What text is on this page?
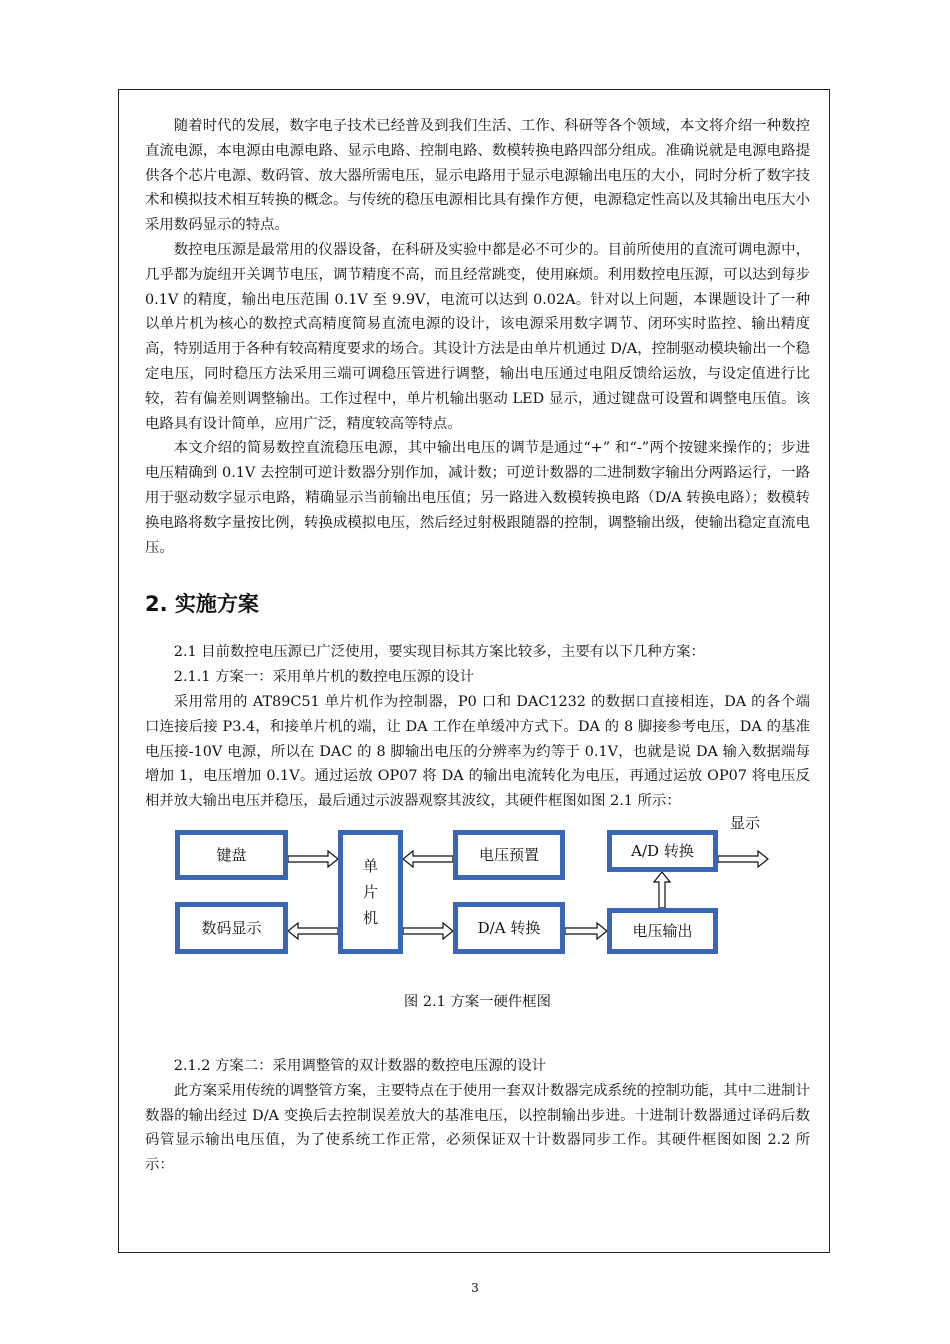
随着时代的发展，数字电子技术已经普及到我们生活、工作、科研等各个领域，本文将介绍一种数控直流电源，本电源由电源电路、显示电路、控制电路、数模转换电路四部分组成。准确说就是电源电路提供各个芯片电源、数码管、放大器所需电压，显示电路用于显示电源输出电压的大小，同时分析了数字技术和模拟技术相互转换的概念。与传统的稳压电源相比具有操作方便，电源稳定性高以及其输出电压大小采用数码显示的特点。

数控电压源是最常用的仪器设备，在科研及实验中都是必不可少的。目前所使用的直流可调电源中，几乎都为旋纽开关调节电压，调节精度不高，而且经常跳变，使用麻烦。利用数控电压源，可以达到每步 0.1V 的精度，输出电压范围 0.1V 至 9.9V，电流可以达到 0.02A。针对以上问题，本课题设计了一种以单片机为核心的数控式高精度简易直流电源的设计，该电源采用数字调节、闭环实时监控、输出精度高，特别适用于各种有较高精度要求的场合。其设计方法是由单片机通过 D/A，控制驱动模块输出一个稳定电压，同时稳压方法采用三端可调稳压管进行调整，输出电压通过电阻反馈给运放，与设定值进行比较，若有偏差则调整输出。工作过程中，单片机输出驱动 LED 显示，通过键盘可设置和调整电压值。该电路具有设计简单，应用广泛，精度较高等特点。

本文介绍的简易数控直流稳压电源，其中输出电压的调节是通过“+” 和“-”两个按键来操作的；步进电压精确到 0.1V 去控制可逆计数器分别作加，减计数；可逆计数器的二进制数字输出分两路运行，一路用于驱动数字显示电路，精确显示当前输出电压值；另一路进入数模转换电路（D/A 转换电路）；数模转换电路将数字量按比例，转换成模拟电压，然后经过射极跟随器的控制，调整输出级，使输出稳定直流电压。

2. 实施方案

2.1 目前数控电压源已广泛使用，要实现目标其方案比较多，主要有以下几种方案：

2.1.1 方案一：采用单片机的数控电压源的设计

采用常用的 AT89C51 单片机作为控制器，P0 口和 DAC1232 的数据口直接相连，DA 的各个端口连接后接 P3.4，和接单片机的端，让 DA 工作在单缓冲方式下。DA 的 8 脚接参考电压，DA 的基准电压接-10V 电源，所以在 DAC 的 8 脚输出电压的分辨率为约等于 0.1V，也就是说 DA 输入数据端每增加 1，电压增加 0.1V。通过运放 OP07 将 DA 的输出电流转化为电压，再通过运放 OP07 将电压反相并放大输出电压并稳压，最后通过示波器观察其波纹，其硬件框图如图 2.1 所示：

键盘
数码显示
单
片
机
电压预置
D/A 转换
A/D 转换
电压输出
显示
图 2.1 方案一硬件框图

2.1.2 方案二：采用调整管的双计数器的数控电压源的设计

此方案采用传统的调整管方案，主要特点在于使用一套双计数器完成系统的控制功能，其中二进制计数器的输出经过 D/A 变换后去控制误差放大的基准电压，以控制输出步进。十进制计数器通过译码后数码管显示输出电压值，为了使系统工作正常，必须保证双十计数器同步工作。其硬件框图如图 2.2 所示：

3
